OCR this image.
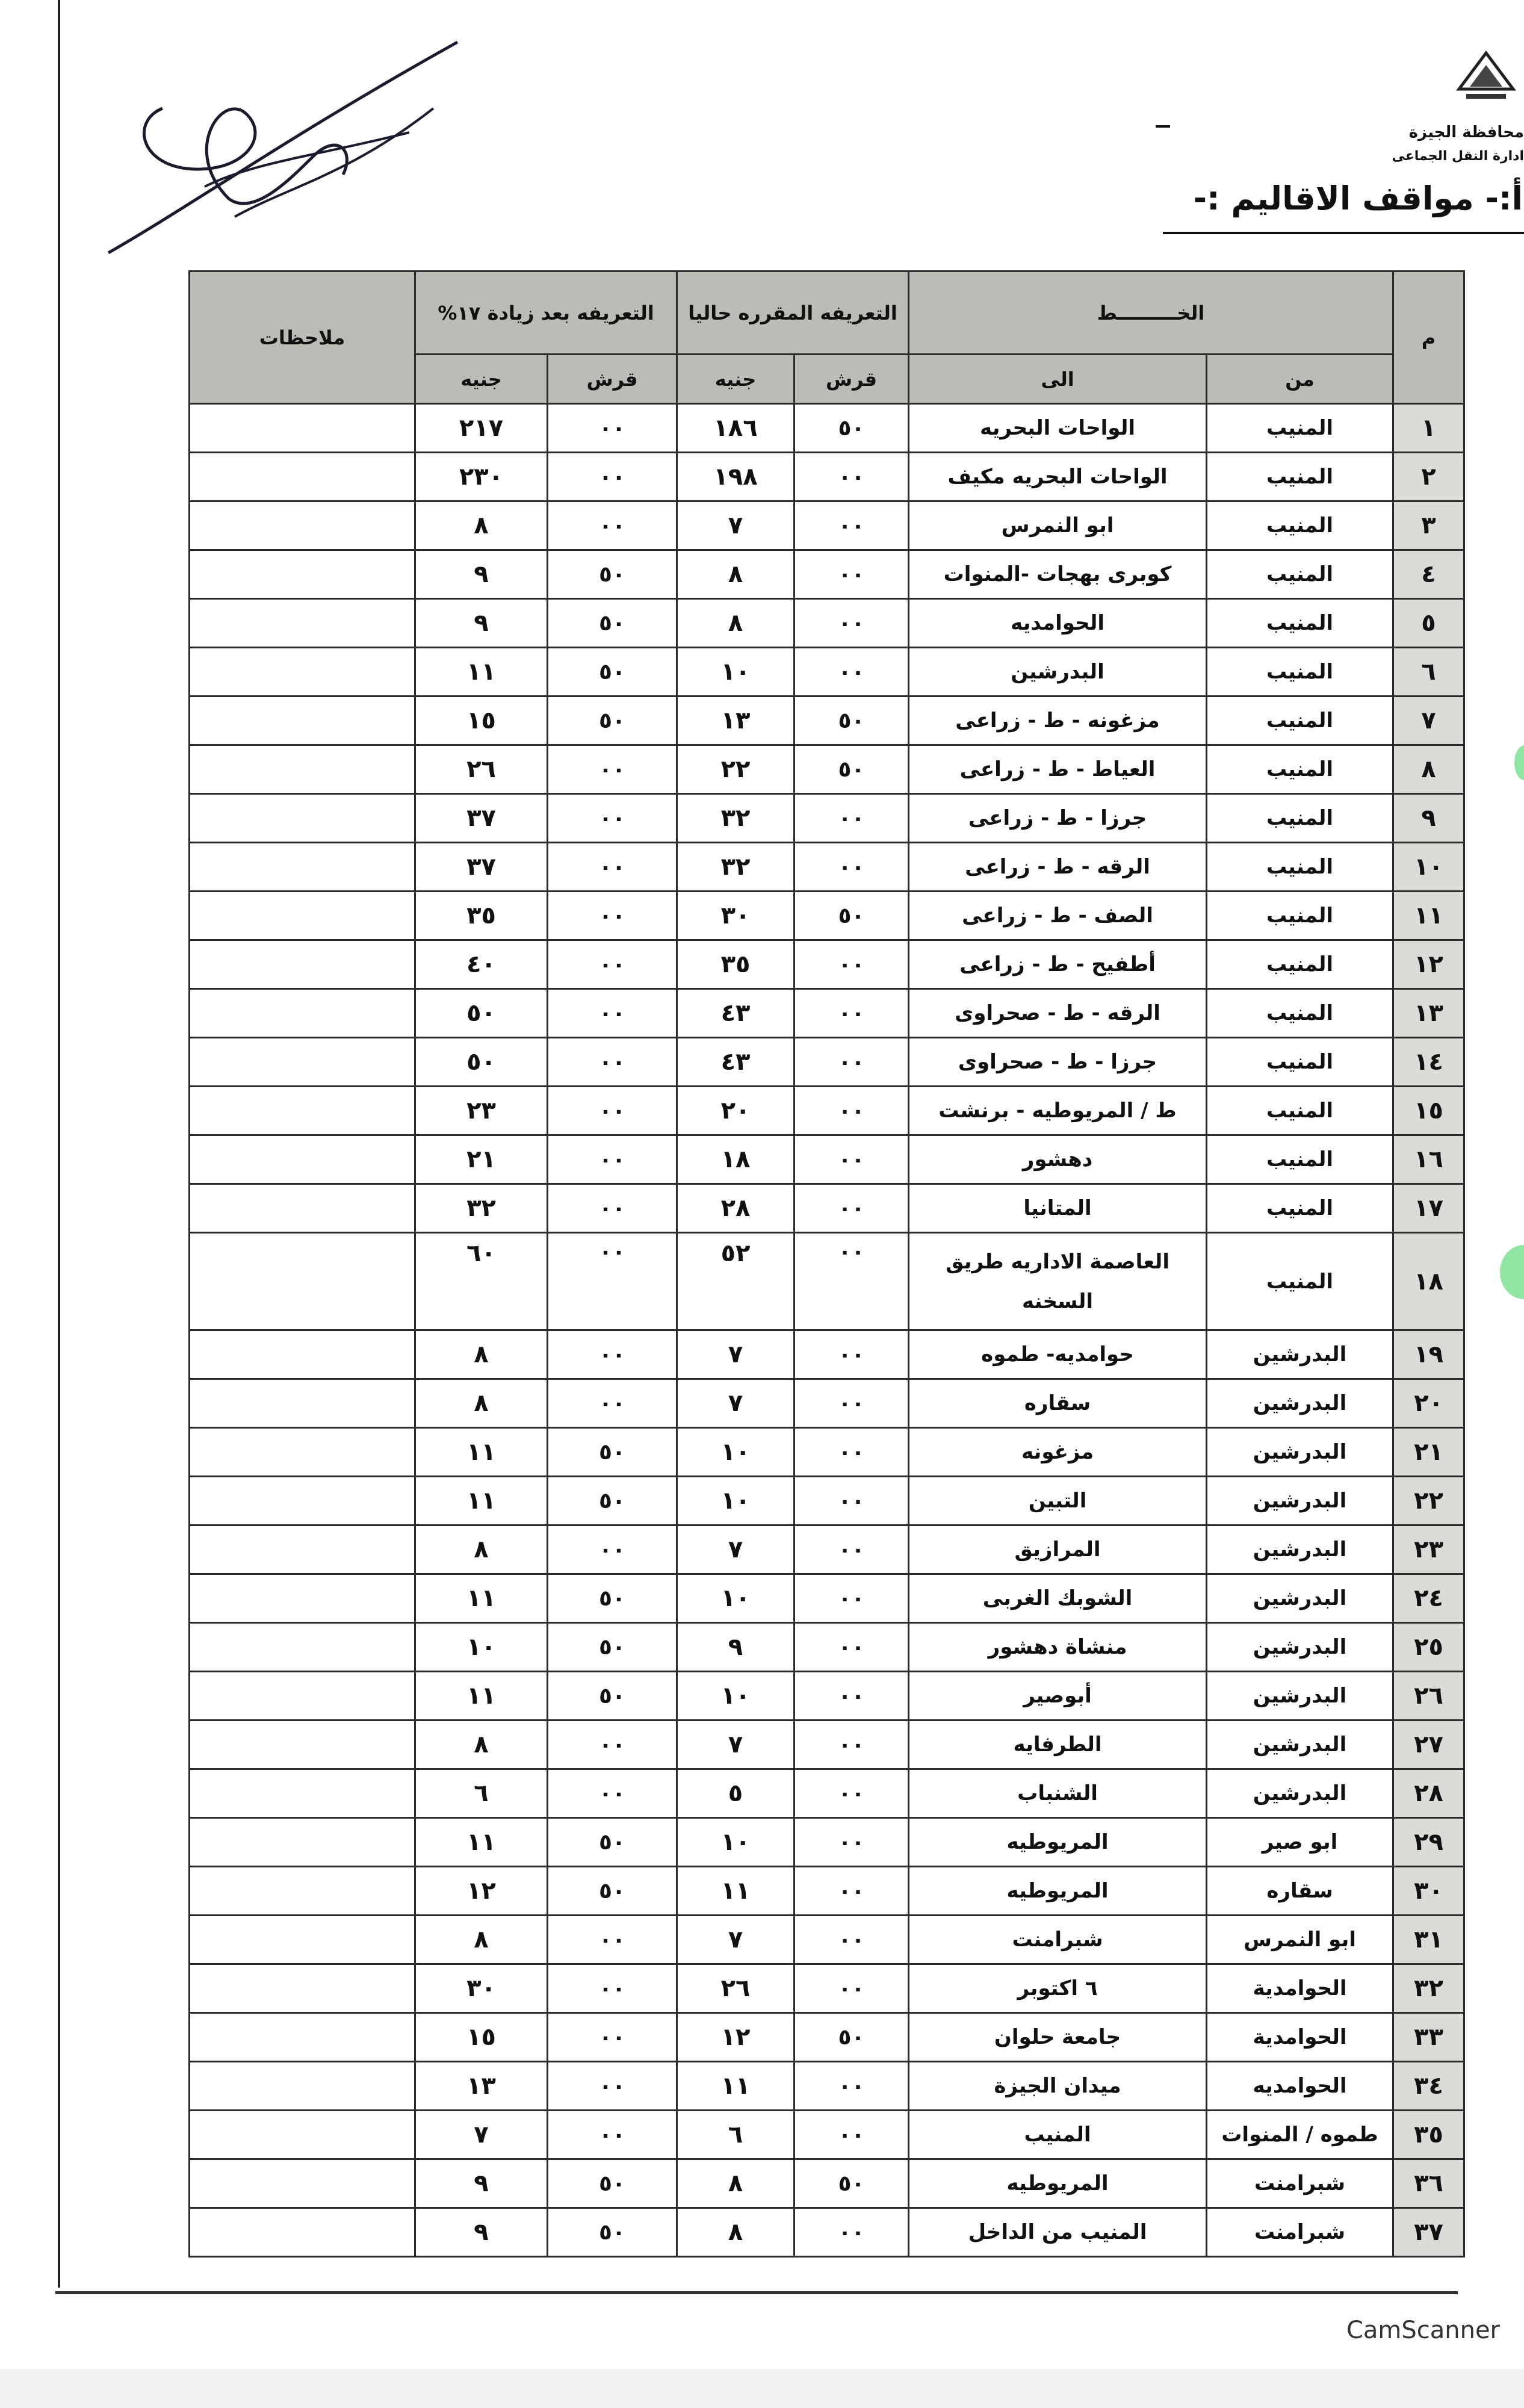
محافظة الجيزة
ادارة النقل الجماعى
أ:- مواقف الاقاليم :-
م	الخـــــــــط		التعريفه المقرره حاليا		التعريفه بعد زيادة ١٧%		ملاحظات
	من	الى	قرش	جنيه	قرش	جنيه	
١	المنيب	الواحات البحريه	٥٠	١٨٦	٠٠	٢١٧	
٢	المنيب	الواحات البحريه مكيف	٠٠	١٩٨	٠٠	٢٣٠	
٣	المنيب	ابو النمرس	٠٠	٧	٠٠	٨	
٤	المنيب	كوبرى بهجات -المنوات	٠٠	٨	٥٠	٩	
٥	المنيب	الحوامديه	٠٠	٨	٥٠	٩	
٦	المنيب	البدرشين	٠٠	١٠	٥٠	١١	
٧	المنيب	مزغونه - ط - زراعى	٥٠	١٣	٥٠	١٥	
٨	المنيب	العياط - ط - زراعى	٥٠	٢٢	٠٠	٢٦	
٩	المنيب	جرزا - ط - زراعى	٠٠	٣٢	٠٠	٣٧	
١٠	المنيب	الرقه - ط - زراعى	٠٠	٣٢	٠٠	٣٧	
١١	المنيب	الصف - ط - زراعى	٥٠	٣٠	٠٠	٣٥	
١٢	المنيب	أطفيح - ط - زراعى	٠٠	٣٥	٠٠	٤٠	
١٣	المنيب	الرقه - ط - صحراوى	٠٠	٤٣	٠٠	٥٠	
١٤	المنيب	جرزا - ط - صحراوى	٠٠	٤٣	٠٠	٥٠	
١٥	المنيب	ط / المريوطيه - برنشت	٠٠	٢٠	٠٠	٢٣	
١٦	المنيب	دهشور	٠٠	١٨	٠٠	٢١	
١٧	المنيب	المتانيا	٠٠	٢٨	٠٠	٣٢	
١٨	المنيب	العاصمة الاداريه طريق السخنه	٠٠	٥٢	٠٠	٦٠	
١٩	البدرشين	حوامديه- طموه	٠٠	٧	٠٠	٨	
٢٠	البدرشين	سقاره	٠٠	٧	٠٠	٨	
٢١	البدرشين	مزغونه	٠٠	١٠	٥٠	١١	
٢٢	البدرشين	التبين	٠٠	١٠	٥٠	١١	
٢٣	البدرشين	المرازيق	٠٠	٧	٠٠	٨	
٢٤	البدرشين	الشوبك الغربى	٠٠	١٠	٥٠	١١	
٢٥	البدرشين	منشاة دهشور	٠٠	٩	٥٠	١٠	
٢٦	البدرشين	أبوصير	٠٠	١٠	٥٠	١١	
٢٧	البدرشين	الطرفايه	٠٠	٧	٠٠	٨	
٢٨	البدرشين	الشنباب	٠٠	٥	٠٠	٦	
٢٩	ابو صير	المريوطيه	٠٠	١٠	٥٠	١١	
٣٠	سقاره	المريوطيه	٠٠	١١	٥٠	١٢	
٣١	ابو النمرس	شبرامنت	٠٠	٧	٠٠	٨	
٣٢	الحوامدية	٦ اكتوبر	٠٠	٢٦	٠٠	٣٠	
٣٣	الحوامدية	جامعة حلوان	٥٠	١٢	٠٠	١٥	
٣٤	الحوامديه	ميدان الجيزة	٠٠	١١	٠٠	١٣	
٣٥	طموه / المنوات	المنيب	٠٠	٦	٠٠	٧	
٣٦	شبرامنت	المريوطيه	٥٠	٨	٥٠	٩	
٣٧	شبرامنت	المنيب من الداخل	٠٠	٨	٥٠	٩	
CamScanner
